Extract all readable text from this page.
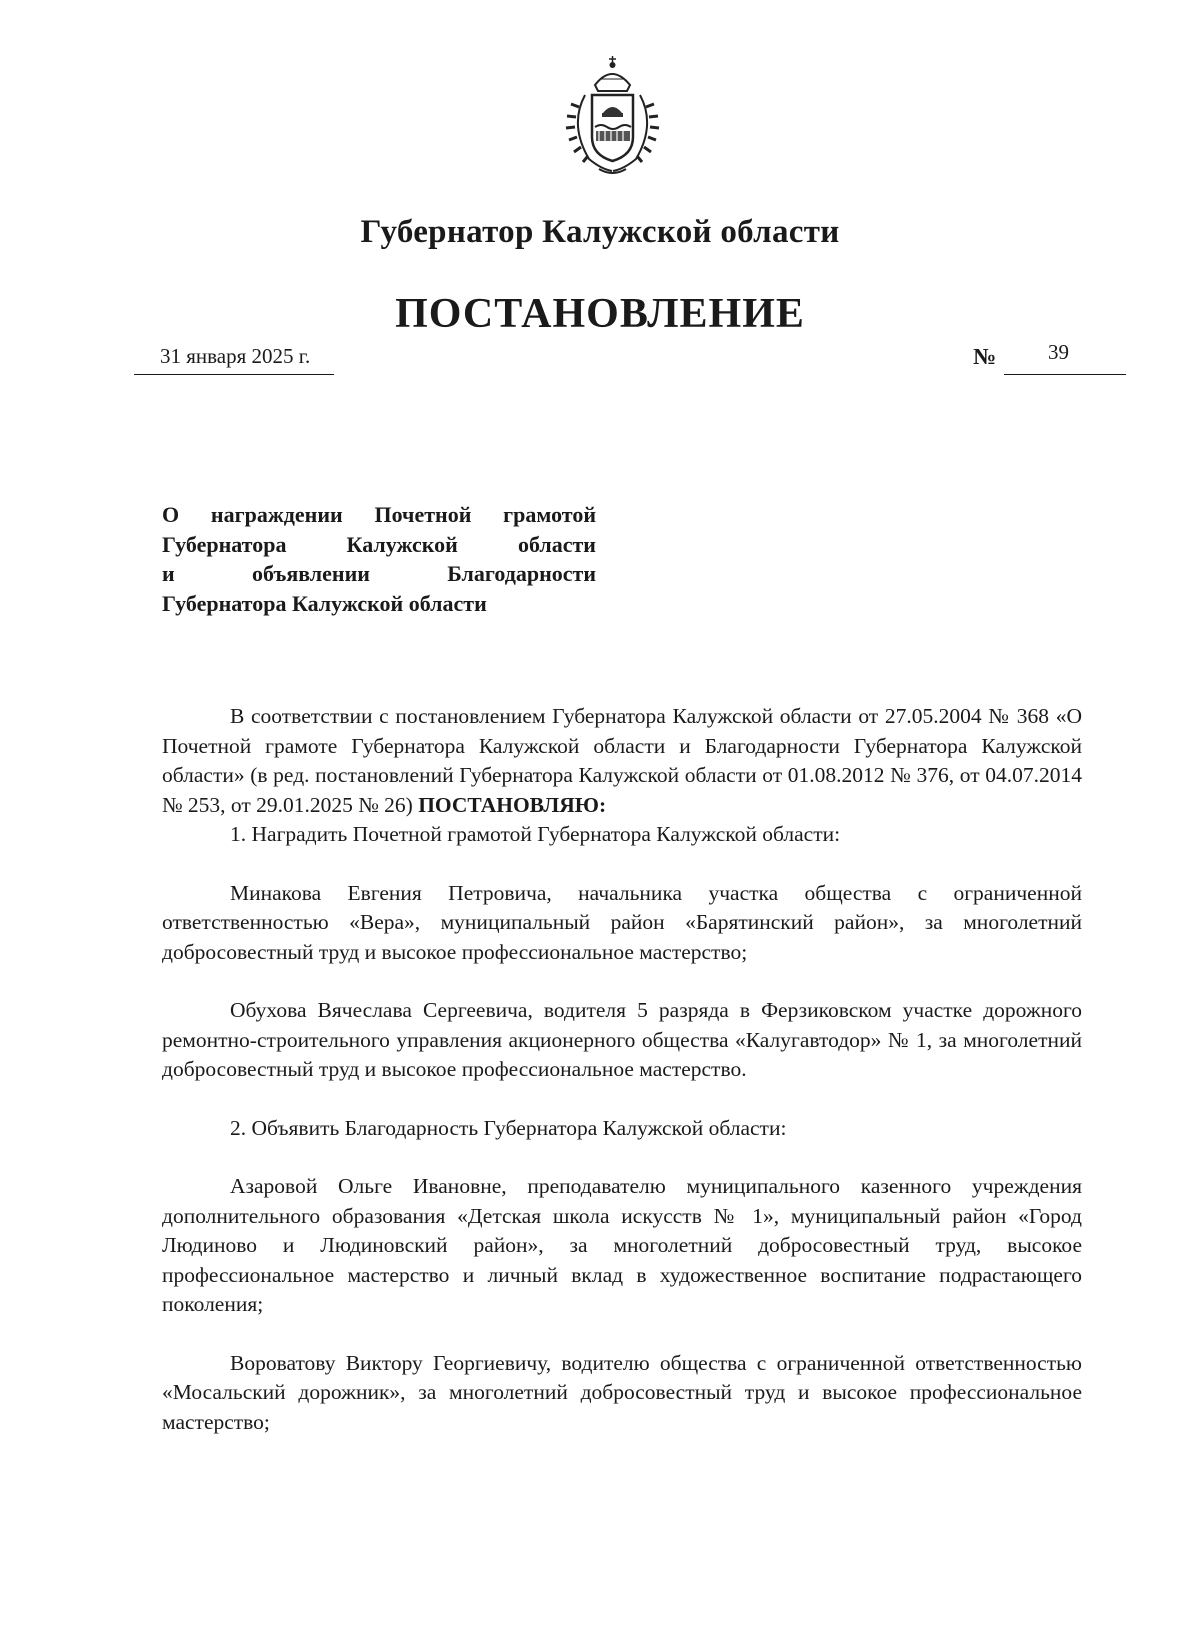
Губернатор Калужской области
ПОСТАНОВЛЕНИЕ
31 января 2025 г.	№ 39
О награждении Почетной грамотой
Губернатора Калужской области
и объявлении Благодарности
Губернатора Калужской области

В соответствии с постановлением Губернатора Калужской области от 27.05.2004 № 368 «О Почетной грамоте Губернатора Калужской области и Благодарности Губернатора Калужской области» (в ред. постановлений Губернатора Калужской области от 01.08.2012 № 376, от 04.07.2014 № 253, от 29.01.2025 № 26) ПОСТАНОВЛЯЮ:

1. Наградить Почетной грамотой Губернатора Калужской области:

Минакова Евгения Петровича, начальника участка общества с ограниченной ответственностью «Вера», муниципальный район «Барятинский район», за многолетний добросовестный труд и высокое профессиональное мастерство;

Обухова Вячеслава Сергеевича, водителя 5 разряда в Ферзиковском участке дорожного ремонтно-строительного управления акционерного общества «Калугавтодор» № 1, за многолетний добросовестный труд и высокое профессиональное мастерство.

2. Объявить Благодарность Губернатора Калужской области:

Азаровой Ольге Ивановне, преподавателю муниципального казенного учреждения дополнительного образования «Детская школа искусств № 1», муниципальный район «Город Людиново и Людиновский район», за многолетний добросовестный труд, высокое профессиональное мастерство и личный вклад в художественное воспитание подрастающего поколения;

Вороватову Виктору Георгиевичу, водителю общества с ограниченной ответственностью «Мосальский дорожник», за многолетний добросовестный труд и высокое профессиональное мастерство;
